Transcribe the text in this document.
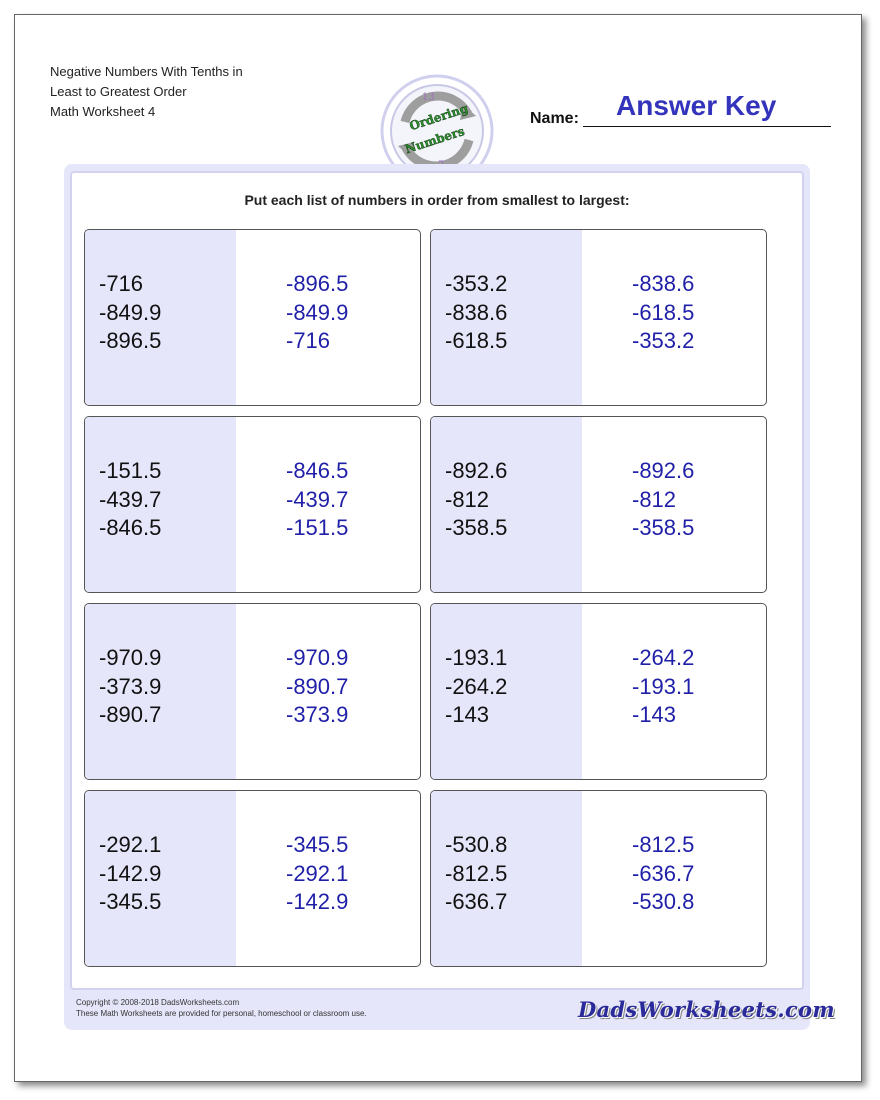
Negative Numbers With Tenths in
Least to Greatest Order
Math Worksheet 4
13
Ordering
Numbers
Name: Answer Key
Put each list of numbers in order from smallest to largest:
-716
-849.9
-896.5
-896.5
-849.9
-716
-353.2
-838.6
-618.5
-838.6
-618.5
-353.2
-151.5
-439.7
-846.5
-846.5
-439.7
-151.5
-892.6
-812
-358.5
-892.6
-812
-358.5
-970.9
-373.9
-890.7
-970.9
-890.7
-373.9
-193.1
-264.2
-143
-264.2
-193.1
-143
-292.1
-142.9
-345.5
-345.5
-292.1
-142.9
-530.8
-812.5
-636.7
-812.5
-636.7
-530.8
Copyright © 2008-2018 DadsWorksheets.com
These Math Worksheets are provided for personal, homeschool or classroom use.	DadsWorksheets.com
